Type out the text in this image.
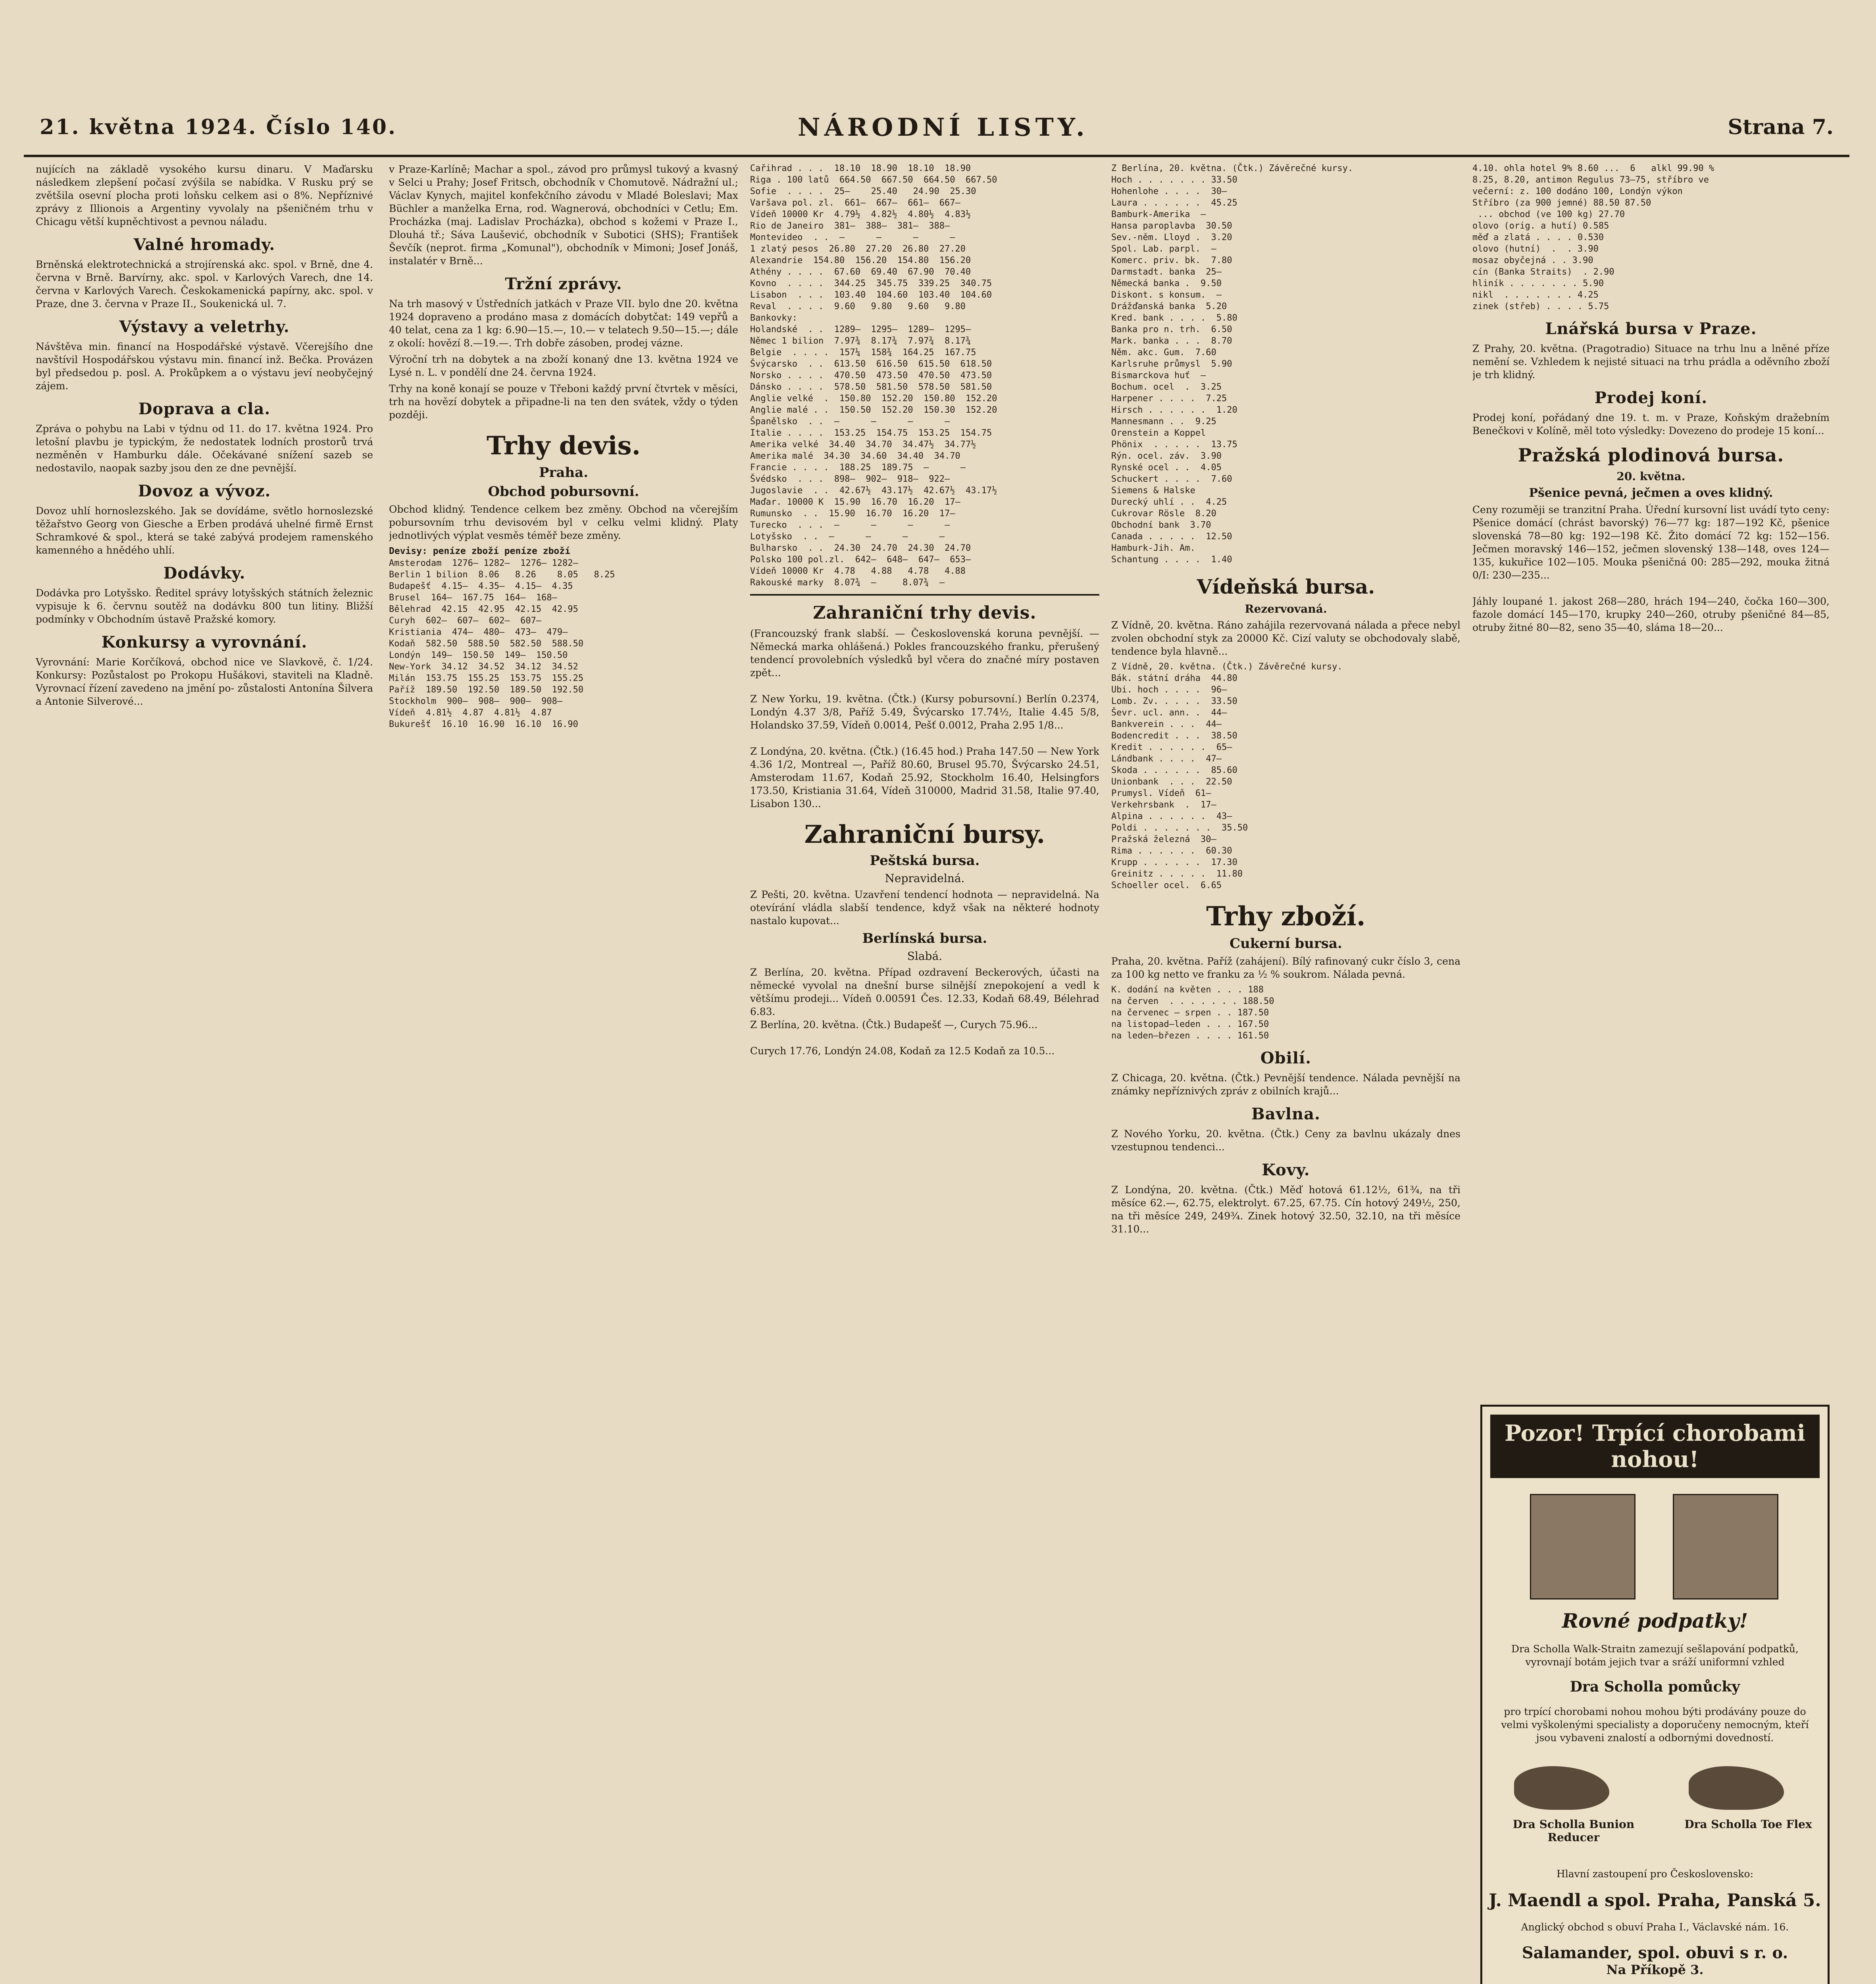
21. května 1924. Číslo 140.	NÁRODNÍ LISTY.	Strana 7.

nujících na základě vysokého kursu dinaru. V Maďarsku následkem zlepšení počasí zvýšila se nabídka. V Rusku prý se zvětšila osevní plocha proti loňsku celkem asi o 8%. Nepříznivé zprávy z Illionois a Argentiny vyvolaly na pšeničném trhu v Chicagu větší kupněchtivost a pevnou náladu.

Valné hromady.

Brněnská elektrotechnická a strojírenská akc. spol. v Brně, dne 4. června v Brně. Barvírny, akc. spol. v Karlových Varech, dne 14. června v Karlových Varech. Českokamenická papírny, akc. spol. v Praze, dne 3. června v Praze II., Soukenická ul. 7.

Výstavy a veletrhy.

Návštěva min. financí na Hospodářské výstavě. Včerejšího dne navštívil Hospodářskou výstavu min. financí inž. Bečka. Provázen byl předsedou p. posl. A. Prokůpkem a o výstavu jeví neobyčejný zájem.

Doprava a cla.

Zpráva o pohybu na Labi v týdnu od 11. do 17. května 1924. Pro letošní plavbu je typickým, že nedostatek lodních prostorů trvá nezměněn v Hamburku dále. Očekávané snížení sazeb se nedostavilo, naopak sazby jsou den ze dne pevnější.

Dovoz a vývoz.

Dovoz uhlí hornoslezského. Jak se dovídáme, světlo hornoslezské těžařstvo Georg von Giesche a Erben prodává uhelné firmě Ernst Schramkové & spol., která se také zabývá prodejem ramenského kamenného a hnědého uhlí.

Dodávky.

Dodávka pro Lotyšsko. Ředitel správy lotyšských státních železnic vypisuje k 6. červnu soutěž na dodávku 800 tun litiny. Bližší podmínky v Obchodním ústavě Pražské komory.

Konkursy a vyrovnání.

Vyrovnání: Marie Korčíková, obchod nice ve Slavkově, č. 1/24. Konkursy: Pozůstalost po Prokopu Hušákovi, staviteli na Kladně. Vyrovnací řízení zavedeno na jmění po- zůstalosti Antonína Šilvera a Antonie Silverové...

v Praze-Karlíně; Machar a spol., závod pro průmysl tukový a kvasný v Selci u Prahy; Josef Fritsch, obchodník v Chomutově. Nádražní ul.; Václav Kynych, majitel konfekčního závodu v Mladé Boleslavi; Max Büchler a manželka Erna, rod. Wagnerová, obchodníci v Cetlu; Em. Procházka (maj. Ladislav Procházka), obchod s kožemi v Praze I., Dlouhá tř.; Sáva Laušević, obchodník v Subotici (SHS); František Ševčík (neprot. firma „Komunal"), obchodník v Mimoni; Josef Jonáš, instalatér v Brně...

Tržní zprávy.

Na trh masový v Ústředních jatkách v Praze VII. bylo dne 20. května 1924 dopraveno a prodáno masa z domácích dobytčat: 149 vepřů a 40 telat, cena za 1 kg: 6.90—15.—, 10.— v telatech 9.50—15.—; dále z okolí: hovězí 8.—19.—. Trh dobře zásoben, prodej vázne.

Výroční trh na dobytek a na zboží konaný dne 13. května 1924 ve Lysé n. L. v pondělí dne 24. června 1924.

Trhy na koně konají se pouze v Třeboni každý první čtvrtek v měsíci, trh na hovězí dobytek a připadne-li na ten den svátek, vždy o týden později.

Trhy devis.
Praha.
Obchod pobursovní.

Obchod klidný. Tendence celkem bez změny. Obchod na včerejším pobursovním trhu devisovém byl v celku velmi klidný. Platy jednotlivých výplat vesměs téměř beze změny.

Devisy: peníze zboží peníze zboží
Amsterodam  1276— 1282—  1276— 1282—
Berlin 1 bilion  8.06   8.26    8.05   8.25
Budapešť  4.15—  4.35—  4.15—  4.35
Brusel  164—  167.75  164—  168—
Bělehrad  42.15  42.95  42.15  42.95
Curyh  602—  607—  602—  607—
Kristiania  474—  480—  473—  479—
Kodaň  582.50  588.50  582.50  588.50
Londýn  149—  150.50  149—  150.50
New-York  34.12  34.52  34.12  34.52
Milán  153.75  155.25  153.75  155.25
Paříž  189.50  192.50  189.50  192.50
Stockholm  900—  908—  900—  908—
Vídeň  4.81½  4.87  4.81½  4.87
Bukurešť  16.10  16.90  16.10  16.90
Cařihrad . . .  18.10  18.90  18.10  18.90
Riga . 100 latů  664.50  667.50  664.50  667.50
Sofie  . . . .  25—    25.40   24.90  25.30
Varšava pol. zl.  661—  667—  661—  667—
Vídeň 10000 Kr  4.79½  4.82½  4.80½  4.83½
Rio de Janeiro  381—  388—  381—  388—
Montevideo  . .  —      —      —      —
1 zlatý pesos  26.80  27.20  26.80  27.20
Alexandrie  154.80  156.20  154.80  156.20
Athény . . . .  67.60  69.40  67.90  70.40
Kovno  . . . .  344.25  345.75  339.25  340.75
Lisabon  . . .  103.40  104.60  103.40  104.60
Reval  . . . .  9.60   9.80   9.60   9.80
Bankovky:
Holandské  . .  1289—  1295—  1289—  1295—
Němec 1 bilion  7.97¾  8.17¾  7.97¾  8.17¾
Belgie  . . . .  157¼  158¾  164.25  167.75
Švýcarsko  . .  613.50  616.50  615.50  618.50
Norsko . . . .  470.50  473.50  470.50  473.50
Dánsko . . . .  578.50  581.50  578.50  581.50
Anglie velké  .  150.80  152.20  150.80  152.20
Anglie malé . .  150.50  152.20  150.30  152.20
Španělsko  . .  —      —      —      —
Italie . . . .  153.25  154.75  153.25  154.75
Amerika velké  34.40  34.70  34.47½  34.77½
Amerika malé  34.30  34.60  34.40  34.70
Francie . . . .  188.25  189.75  —      —
Švédsko  . . .  898—  902—  918—  922—
Jugoslavie  . .  42.67½  43.17½  42.67½  43.17½
Maďar. 10000 K  15.90  16.70  16.20  17—
Rumunsko  . .  15.90  16.70  16.20  17—
Turecko  . . .  —      —      —      —
Lotyšsko  . .  —      —      —      —
Bulharsko  . .  24.30  24.70  24.30  24.70
Polsko 100 pol.zl.  642—  648—  647—  653—
Vídeň 10000 Kr  4.78   4.88   4.78   4.88
Rakouské marky  8.07¾  —     8.07¾  —
Zahraniční trhy devis.

(Francouzský frank slabší. — Československá koruna pevnější. — Německá marka ohlášená.) Pokles francouzského franku, přerušený tendencí provolebních výsledků byl včera do značné míry postaven zpět...

Z New Yorku, 19. května. (Čtk.) (Kursy pobursovní.) Berlín 0.2374, Londýn 4.37 3/8, Paříž 5.49, Švýcarsko 17.74½, Italie 4.45 5/8, Holandsko 37.59, Vídeň 0.0014, Pešť 0.0012, Praha 2.95 1/8...

Z Londýna, 20. května. (Čtk.) (16.45 hod.) Praha 147.50 — New York 4.36 1/2, Montreal —, Paříž 80.60, Brusel 95.70, Švýcarsko 24.51, Amsterodam 11.67, Kodaň 25.92, Stockholm 16.40, Helsingfors 173.50, Kristiania 31.64, Vídeň 310000, Madrid 31.58, Italie 97.40, Lisabon 130...

Zahraniční bursy.
Peštská bursa.
Nepravidelná.

Z Pešti, 20. května. Uzavření tendencí hodnota — nepravidelná. Na otevírání vládla slabší tendence, když však na některé hodnoty nastalo kupovat...

Berlínská bursa.
Slabá.

Z Berlína, 20. května. Případ ozdravení Beckerových, účasti na německé vyvolal na dnešní burse silnější znepokojení a vedl k většímu prodeji... Vídeň 0.00591 Čes. 12.33, Kodaň 68.49, Bélehrad 6.83.
Z Berlína, 20. května. (Čtk.) Budapešť —, Curych 75.96...

Curych 17.76, Londýn 24.08, Kodaň za 12.5 Kodaň za 10.5...

Z Berlína, 20. května. (Čtk.) Závěrečné kursy.
Hoch . . . . . . . 33.50
Hohenlohe . . . .  30—
Laura . . . . . .  45.25
Bamburk-Amerika  —
Hansa paroplavba  30.50
Sev.-něm. Lloyd .  3.20
Spol. Lab. parpl.  —
Komerc. priv. bk.  7.80
Darmstadt. banka  25—
Německá banka .  9.50
Diskont. s konsum.  —
Drážďanská banka  5.20
Kred. bank . . . .  5.80
Banka pro n. trh.  6.50
Mark. banka . . .  8.70
Něm. akc. Gum.  7.60
Karlsruhe průmysl  5.90
Bismarckova huť  —
Bochum. ocel  .  3.25
Harpener . . . .  7.25
Hirsch . . . . . .  1.20
Mannesmann . .  9.25
Orenstein a Koppel
Phönix  . . . . .  13.75
Rýn. ocel. záv.  3.90
Rynské ocel . .  4.05
Schuckert . . . .  7.60
Siemens & Halske
Durecký uhlí . .  4.25
Cukrovar Rösle  8.20
Obchodní bank  3.70
Canada . . . . .  12.50
Hamburk-Jih. Am.
Schantung . . . .  1.40
Vídeňská bursa.
Rezervovaná.

Z Vídně, 20. května. Ráno zahájila rezervovaná nálada a přece nebyl zvolen obchodní styk za 20000 Kč. Cizí valuty se obchodovaly slabě, tendence byla hlavně...

Z Vídně, 20. května. (Čtk.) Závěrečné kursy.
Bák. státní dráha  44.80
Ubi. hoch . . . .  96—
Lomb. Zv. . . . .  33.50
Ševr. ucl. ann. .  44—
Bankverein . . .  44—
Bodencredit . . .  38.50
Kredit . . . . . .  65—
Lándbank . . . .  47—
Skoda . . . . . .  85.60
Unionbank  . . .  22.50
Prumysl. Vídeň  61—
Verkehrsbank  .  17—
Alpina . . . . . .  43—
Poldi . . . . . . .  35.50
Pražská železná  30—
Rima . . . . . .  60.30
Krupp . . . . . .  17.30
Greinitz . . . . .  11.80
Schoeller ocel.  6.65
Trhy zboží.
Cukerní bursa.

Praha, 20. května. Paříž (zahájení). Bílý rafinovaný cukr číslo 3, cena za 100 kg netto ve franku za ½ % soukrom. Nálada pevná.

K. dodání na květen . . . 188
na červen  . . . . . . . 188.50
na červenec — srpen . . 187.50
na listopad—leden . . . 167.50
na leden—březen . . . . 161.50
Obilí.

Z Chicaga, 20. května. (Čtk.) Pevnější tendence. Nálada pevnější na známky nepříznivých zpráv z obilních krajů...

Bavlna.

Z Nového Yorku, 20. května. (Čtk.) Ceny za bavlnu ukázaly dnes vzestupnou tendenci...

Kovy.

Z Londýna, 20. května. (Čtk.) Měď hotová 61.12½, 61¾, na tři měsíce 62.—, 62.75, elektrolyt. 67.25, 67.75. Cín hotový 249½, 250, na tři měsíce 249, 249¾. Zinek hotový 32.50, 32.10, na tři měsíce 31.10...

4.10. ohla hotel 9% 8.60 ...  6   alkl 99.90 %
8.25, 8.20, antimon Regulus 73—75, stříbro ve
večerní: z. 100 dodáno 100, Londýn výkon
Stříbro (za 900 jemné) 88.50 87.50
... obchod (ve 100 kg) 27.70
olovo (orig. a hutí) 0.585
měď a zlatá . . . . 0.530
olovo (hutní)  .  . 3.90
mosaz obyčejná . . 3.90
cín (Banka Straits)  . 2.90
hliník . . . . . . . 5.90
nikl  . . . . . . . 4.25
zinek (střeb) . . . . 5.75
Lnářská bursa v Praze.

Z Prahy, 20. května. (Pragotradio) Situace na trhu lnu a lněné příze nemění se. Vzhledem k nejisté situaci na trhu prádla a oděvního zboží je trh klidný.

Prodej koní.

Prodej koní, pořádaný dne 19. t. m. v Praze, Koňským dražebním Benečkovi v Kolíně, měl toto výsledky: Dovezeno do prodeje 15 koní...

Pražská plodinová bursa.
20. května.
Pšenice pevná, ječmen a oves klidný.

Ceny rozuměji se tranzitní Praha. Úřední kursovní list uvádí tyto ceny: Pšenice domácí (chrást bavorský) 76—77 kg: 187—192 Kč, pšenice slovenská 78—80 kg: 192—198 Kč. Žito domácí 72 kg: 152—156. Ječmen moravský 146—152, ječmen slovenský 138—148, oves 124—135, kukuřice 102—105. Mouka pšeničná 00: 285—292, mouka žitná 0/I: 230—235...

Jáhly loupané 1. jakost 268—280, hrách 194—240, čočka 160—300, fazole domácí 145—170, krupky 240—260, otruby pšeničné 84—85, otruby žitné 80—82, seno 35—40, sláma 18—20...

Pozor! Trpící chorobami nohou!
Rovné podpatky!

Dra Scholla Walk-Straitn zamezují sešlapování podpatků, vyrovnají botám jejich tvar a sráží uniformní vzhled

Dra Scholla pomůcky

pro trpící chorobami nohou mohou býti prodávány pouze do velmi vyškolenými specialisty a doporučeny nemocným, kteří jsou vybaveni znalostí a odbornými dovedností.

Dra Scholla Bunion Reducer
Dra Scholla Toe Flex

Hlavní zastoupení pro Československo:

J. Maendl a spol. Praha, Panská 5.

Anglický obchod s obuví Praha I., Václavské nám. 16.

Salamander, spol. obuvi s r. o.
Na Příkopě 3.
